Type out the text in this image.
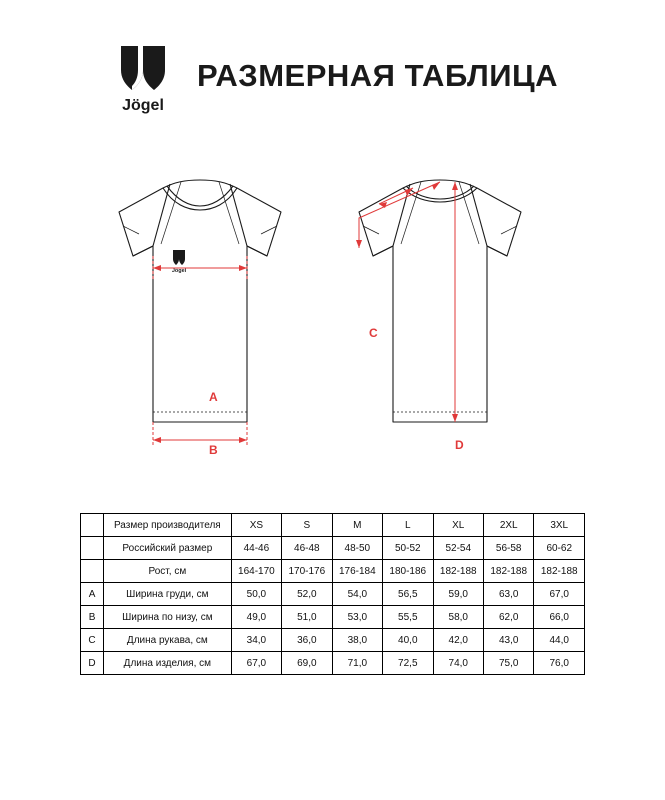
Jögel
РАЗМЕРНАЯ ТАБЛИЦА
Jögel
A
B
C
D
	Размер производителя	XS	S	M	L	XL	2XL	3XL
	Российский размер	44-46	46-48	48-50	50-52	52-54	56-58	60-62
	Рост, см	164-170	170-176	176-184	180-186	182-188	182-188	182-188
A	Ширина груди, см	50,0	52,0	54,0	56,5	59,0	63,0	67,0
B	Ширина по низу, см	49,0	51,0	53,0	55,5	58,0	62,0	66,0
C	Длина рукава, см	34,0	36,0	38,0	40,0	42,0	43,0	44,0
D	Длина изделия, см	67,0	69,0	71,0	72,5	74,0	75,0	76,0
